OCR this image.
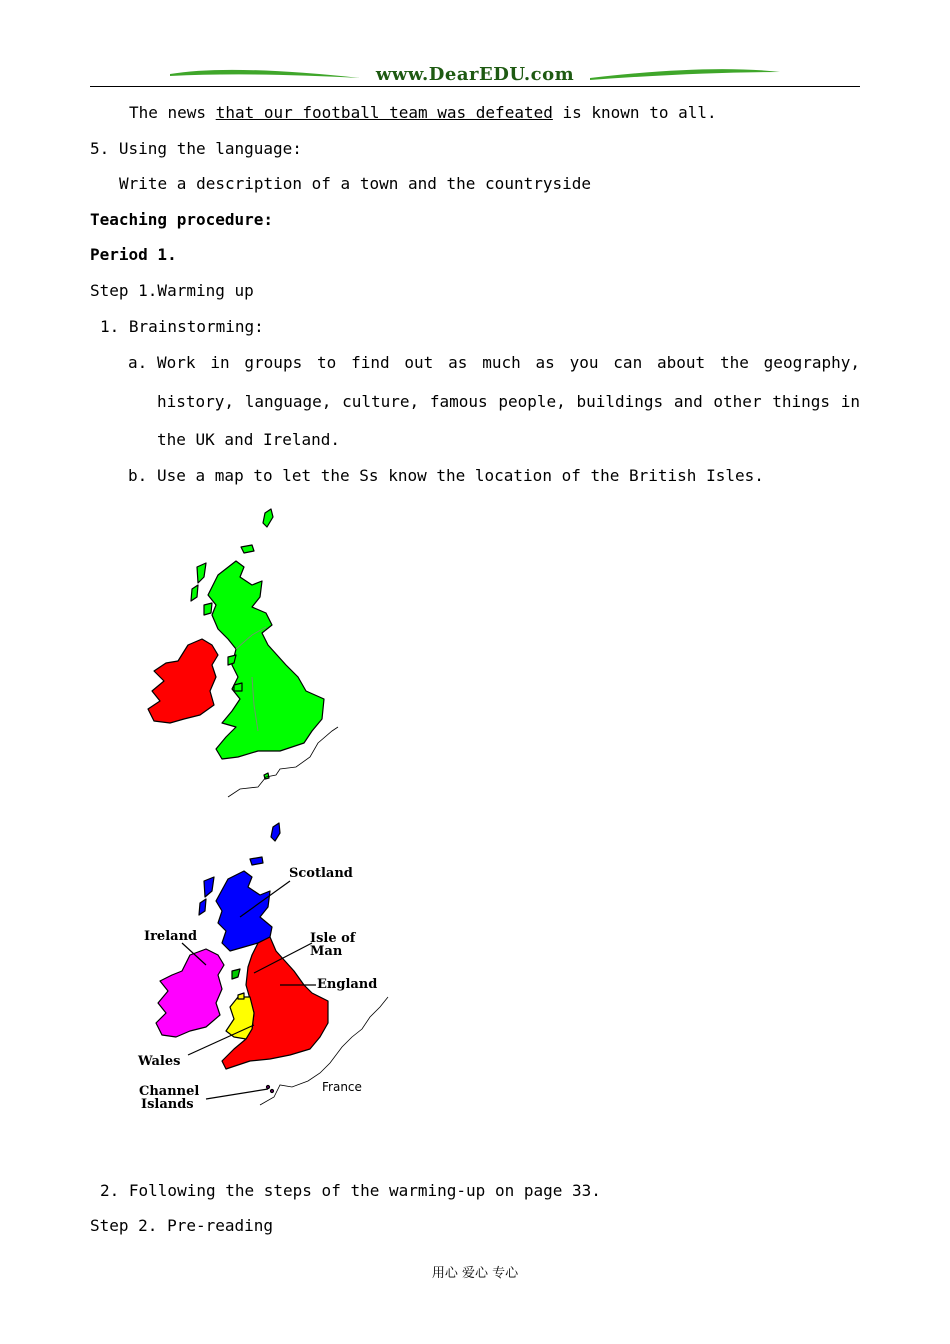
www.DearEDU.com
The news that our football team was defeated is known to all.
5. Using the language:
Write a description of a town and the countryside
Teaching procedure:
Period 1.
Step 1.Warming up
1. Brainstorming:
a. Work in groups to find out as much as you can about the geography,
history, language, culture, famous people, buildings and other things in
the UK and Ireland.
b. Use a map to let the Ss know the location of the British Isles.
Scotland
Ireland	Isle of
Man
England
Wales
Channel
Islands
France
2. Following the steps of the warming-up on page 33.
Step 2. Pre-reading
用心 爱心 专心
